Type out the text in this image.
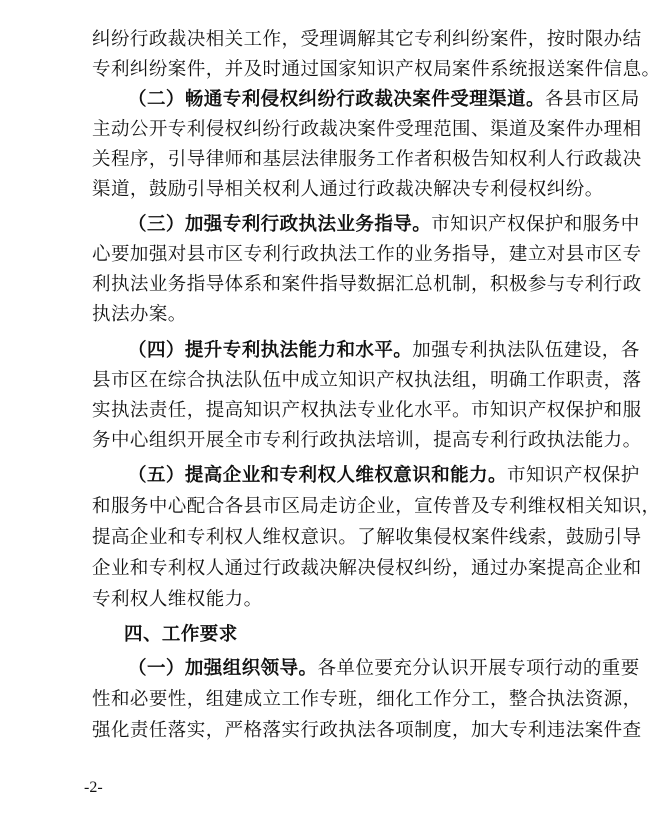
纠纷行政裁决相关工作，受理调解其它专利纠纷案件，按时限办结
专利纠纷案件，并及时通过国家知识产权局案件系统报送案件信息。
（二）畅通专利侵权纠纷行政裁决案件受理渠道。各县市区局
主动公开专利侵权纠纷行政裁决案件受理范围、渠道及案件办理相
关程序，引导律师和基层法律服务工作者积极告知权利人行政裁决
渠道，鼓励引导相关权利人通过行政裁决解决专利侵权纠纷。
（三）加强专利行政执法业务指导。市知识产权保护和服务中
心要加强对县市区专利行政执法工作的业务指导，建立对县市区专
利执法业务指导体系和案件指导数据汇总机制，积极参与专利行政
执法办案。
（四）提升专利执法能力和水平。加强专利执法队伍建设，各
县市区在综合执法队伍中成立知识产权执法组，明确工作职责，落
实执法责任，提高知识产权执法专业化水平。市知识产权保护和服
务中心组织开展全市专利行政执法培训，提高专利行政执法能力。
（五）提高企业和专利权人维权意识和能力。市知识产权保护
和服务中心配合各县市区局走访企业，宣传普及专利维权相关知识，
提高企业和专利权人维权意识。了解收集侵权案件线索，鼓励引导
企业和专利权人通过行政裁决解决侵权纠纷，通过办案提高企业和
专利权人维权能力。
四、工作要求
（一）加强组织领导。各单位要充分认识开展专项行动的重要
性和必要性，组建成立工作专班，细化工作分工，整合执法资源，
强化责任落实，严格落实行政执法各项制度，加大专利违法案件查
-2-
